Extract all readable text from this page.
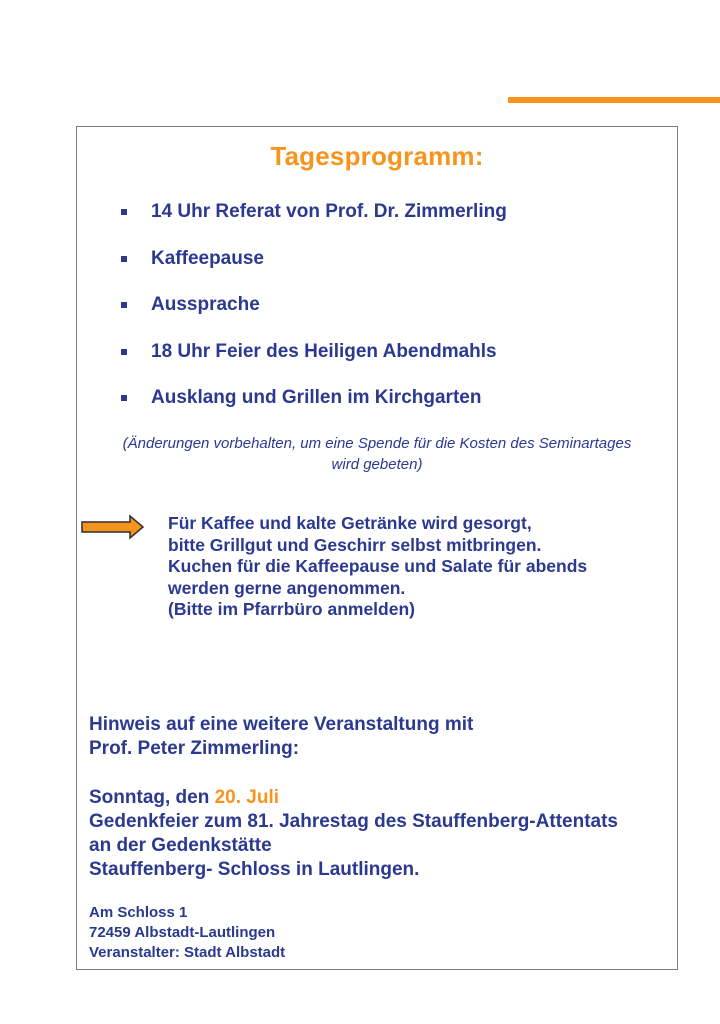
Tagesprogramm:
14 Uhr Referat von Prof. Dr. Zimmerling
Kaffeepause
Aussprache
18 Uhr Feier des Heiligen Abendmahls
Ausklang und Grillen im Kirchgarten
(Änderungen vorbehalten, um eine Spende für die Kosten des Seminartages wird gebeten)
Für Kaffee und kalte Getränke wird gesorgt,
bitte Grillgut und Geschirr selbst mitbringen.
Kuchen für die Kaffeepause und Salate für abends
werden gerne angenommen.
(Bitte im Pfarrbüro anmelden)
Hinweis auf eine weitere Veranstaltung mit
Prof. Peter Zimmerling:
Sonntag, den 20. Juli
Gedenkfeier zum 81. Jahrestag des Stauffenberg-Attentats
an der Gedenkstätte
Stauffenberg- Schloss in Lautlingen.
Am Schloss 1
72459 Albstadt-Lautlingen
Veranstalter: Stadt Albstadt
